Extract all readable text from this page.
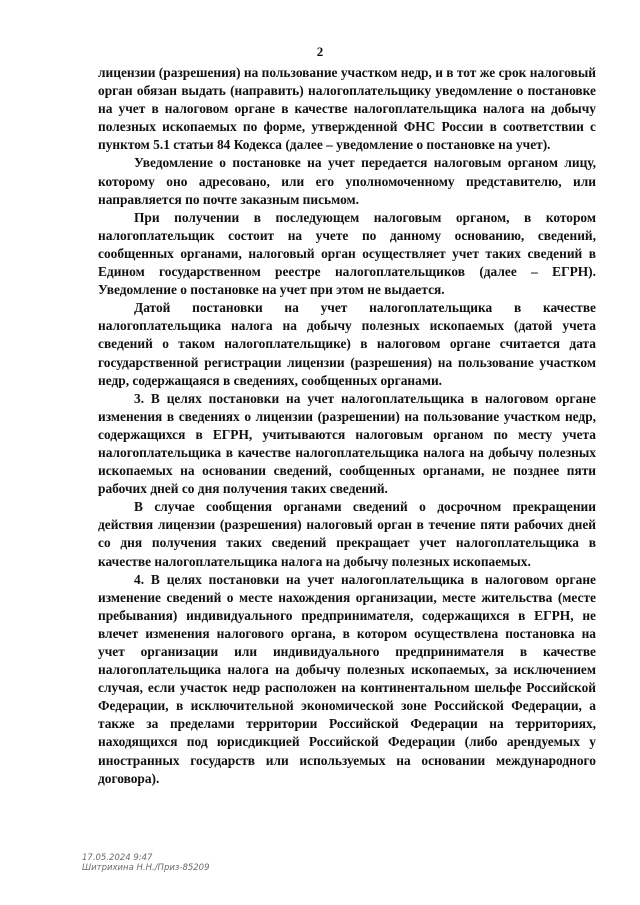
2

лицензии (разрешения) на пользование участком недр, и в тот же срок налоговый орган обязан выдать (направить) налогоплательщику уведомление о постановке на учет в налоговом органе в качестве налогоплательщика налога на добычу полезных ископаемых по форме, утвержденной ФНС России в соответствии с пунктом 5.1 статьи 84 Кодекса (далее – уведомление о постановке на учет).

Уведомление о постановке на учет передается налоговым органом лицу, которому оно адресовано, или его уполномоченному представителю, или направляется по почте заказным письмом.

При получении в последующем налоговым органом, в котором налогоплательщик состоит на учете по данному основанию, сведений, сообщенных органами, налоговый орган осуществляет учет таких сведений в Едином государственном реестре налогоплательщиков (далее – ЕГРН). Уведомление о постановке на учет при этом не выдается.

Датой постановки на учет налогоплательщика в качестве налогоплательщика налога на добычу полезных ископаемых (датой учета сведений о таком налогоплательщике) в налоговом органе считается дата государственной регистрации лицензии (разрешения) на пользование участком недр, содержащаяся в сведениях, сообщенных органами.

3. В целях постановки на учет налогоплательщика в налоговом органе изменения в сведениях о лицензии (разрешении) на пользование участком недр, содержащихся в ЕГРН, учитываются налоговым органом по месту учета налогоплательщика в качестве налогоплательщика налога на добычу полезных ископаемых на основании сведений, сообщенных органами, не позднее пяти рабочих дней со дня получения таких сведений.

В случае сообщения органами сведений о досрочном прекращении действия лицензии (разрешения) налоговый орган в течение пяти рабочих дней со дня получения таких сведений прекращает учет налогоплательщика в качестве налогоплательщика налога на добычу полезных ископаемых.

4. В целях постановки на учет налогоплательщика в налоговом органе изменение сведений о месте нахождения организации, месте жительства (месте пребывания) индивидуального предпринимателя, содержащихся в ЕГРН, не влечет изменения налогового органа, в котором осуществлена постановка на учет организации или индивидуального предпринимателя в качестве налогоплательщика налога на добычу полезных ископаемых, за исключением случая, если участок недр расположен на континентальном шельфе Российской Федерации, в исключительной экономической зоне Российской Федерации, а также за пределами территории Российской Федерации на территориях, находящихся под юрисдикцией Российской Федерации (либо арендуемых у иностранных государств или используемых на основании международного договора).

17.05.2024 9:47
Шитрихина Н.Н./Приз-85209
